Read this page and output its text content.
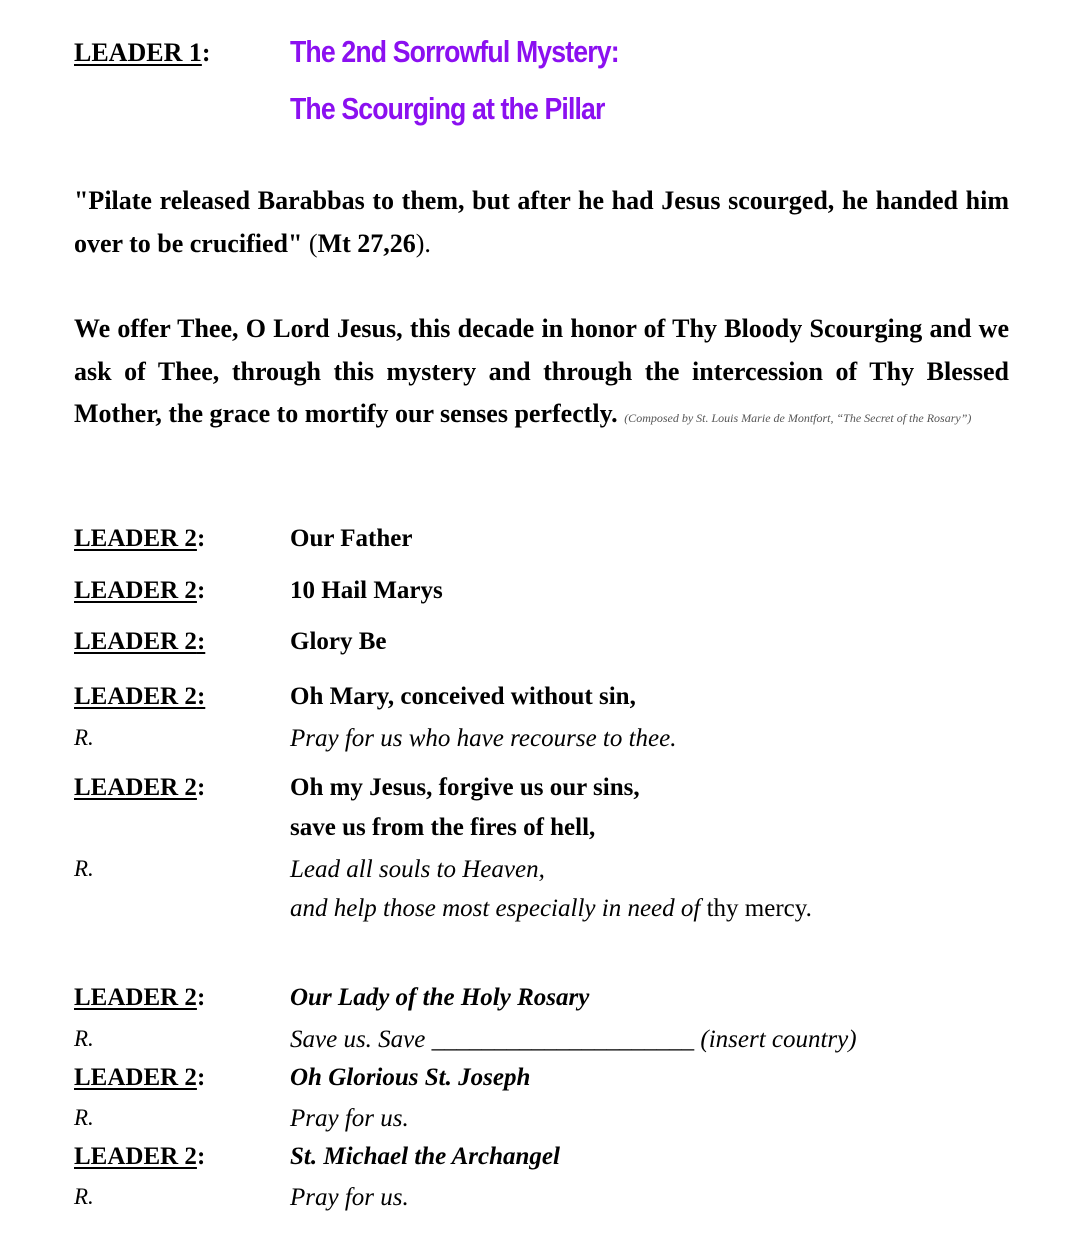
LEADER 1:	The 2nd Sorrowful Mystery:
The Scourging at the Pillar
"Pilate released Barabbas to them, but after he had Jesus scourged, he handed him over to be crucified" (Mt 27,26).
We offer Thee, O Lord Jesus, this decade in honor of Thy Bloody Scourging and we ask of Thee, through this mystery and through the intercession of Thy Blessed Mother, the grace to mortify our senses perfectly. (Composed by St. Louis Marie de Montfort, “The Secret of the Rosary”)
LEADER 2:	Our Father
LEADER 2:	10 Hail Marys
LEADER 2:	Glory Be
LEADER 2:	Oh Mary, conceived without sin,
R.	Pray for us who have recourse to thee.
LEADER 2:	Oh my Jesus, forgive us our sins,
save us from the fires of hell,
R.	Lead all souls to Heaven,
and help those most especially in need of thy mercy.
LEADER 2:	Our Lady of the Holy Rosary
R.	Save us. Save _____________________ (insert country)
LEADER 2:	Oh Glorious St. Joseph
R.	Pray for us.
LEADER 2:	St. Michael the Archangel
R.	Pray for us.
